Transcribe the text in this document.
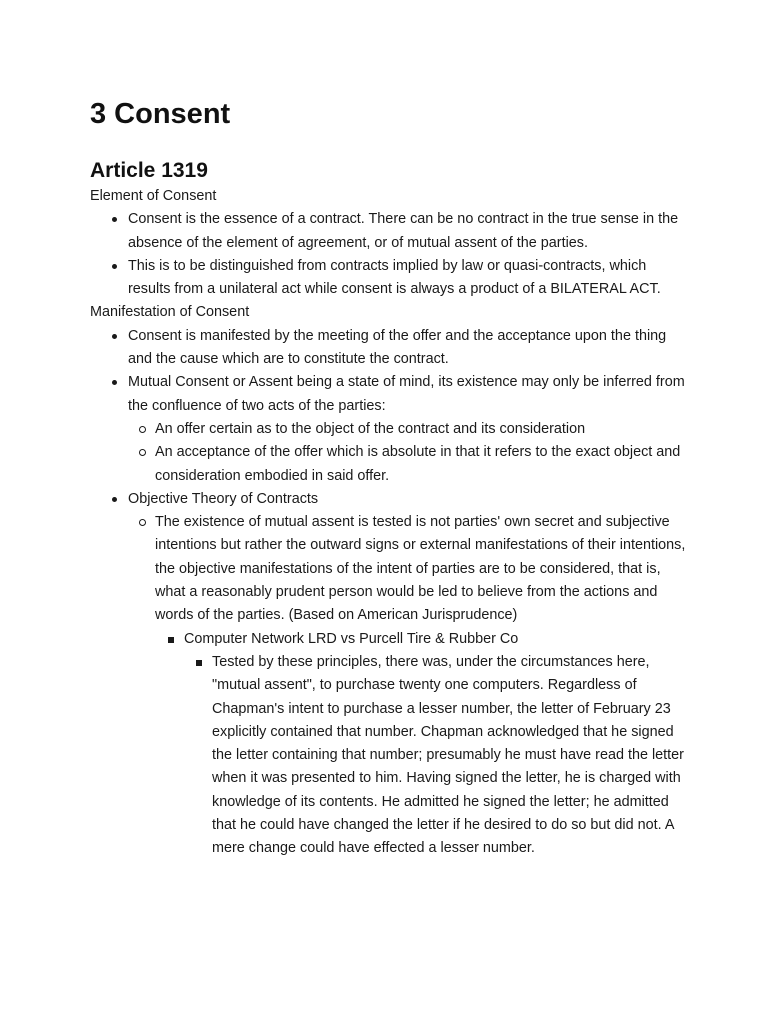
3 Consent
Article 1319

Element of Consent

Consent is the essence of a contract. There can be no contract in the true sense in the absence of the element of agreement, or of mutual assent of the parties.
This is to be distinguished from contracts implied by law or quasi-contracts, which results from a unilateral act while consent is always a product of a BILATERAL ACT.

Manifestation of Consent

Consent is manifested by the meeting of the offer and the acceptance upon the thing and the cause which are to constitute the contract.
Mutual Consent or Assent being a state of mind, its existence may only be inferred from the confluence of two acts of the parties:
An offer certain as to the object of the contract and its consideration
An acceptance of the offer which is absolute in that it refers to the exact object and consideration embodied in said offer.
Objective Theory of Contracts
The existence of mutual assent is tested is not parties' own secret and subjective intentions but rather the outward signs or external manifestations of their intentions, the objective manifestations of the intent of parties are to be considered, that is, what a reasonably prudent person would be led to believe from the actions and words of the parties. (Based on American Jurisprudence)
Computer Network LRD vs Purcell Tire & Rubber Co
Tested by these principles, there was, under the circumstances here, "mutual assent", to purchase twenty one computers. Regardless of Chapman's intent to purchase a lesser number, the letter of February 23 explicitly contained that number. Chapman acknowledged that he signed the letter containing that number; presumably he must have read the letter when it was presented to him. Having signed the letter, he is charged with knowledge of its contents. He admitted he signed the letter; he admitted that he could have changed the letter if he desired to do so but did not. A mere change could have effected a lesser number.
